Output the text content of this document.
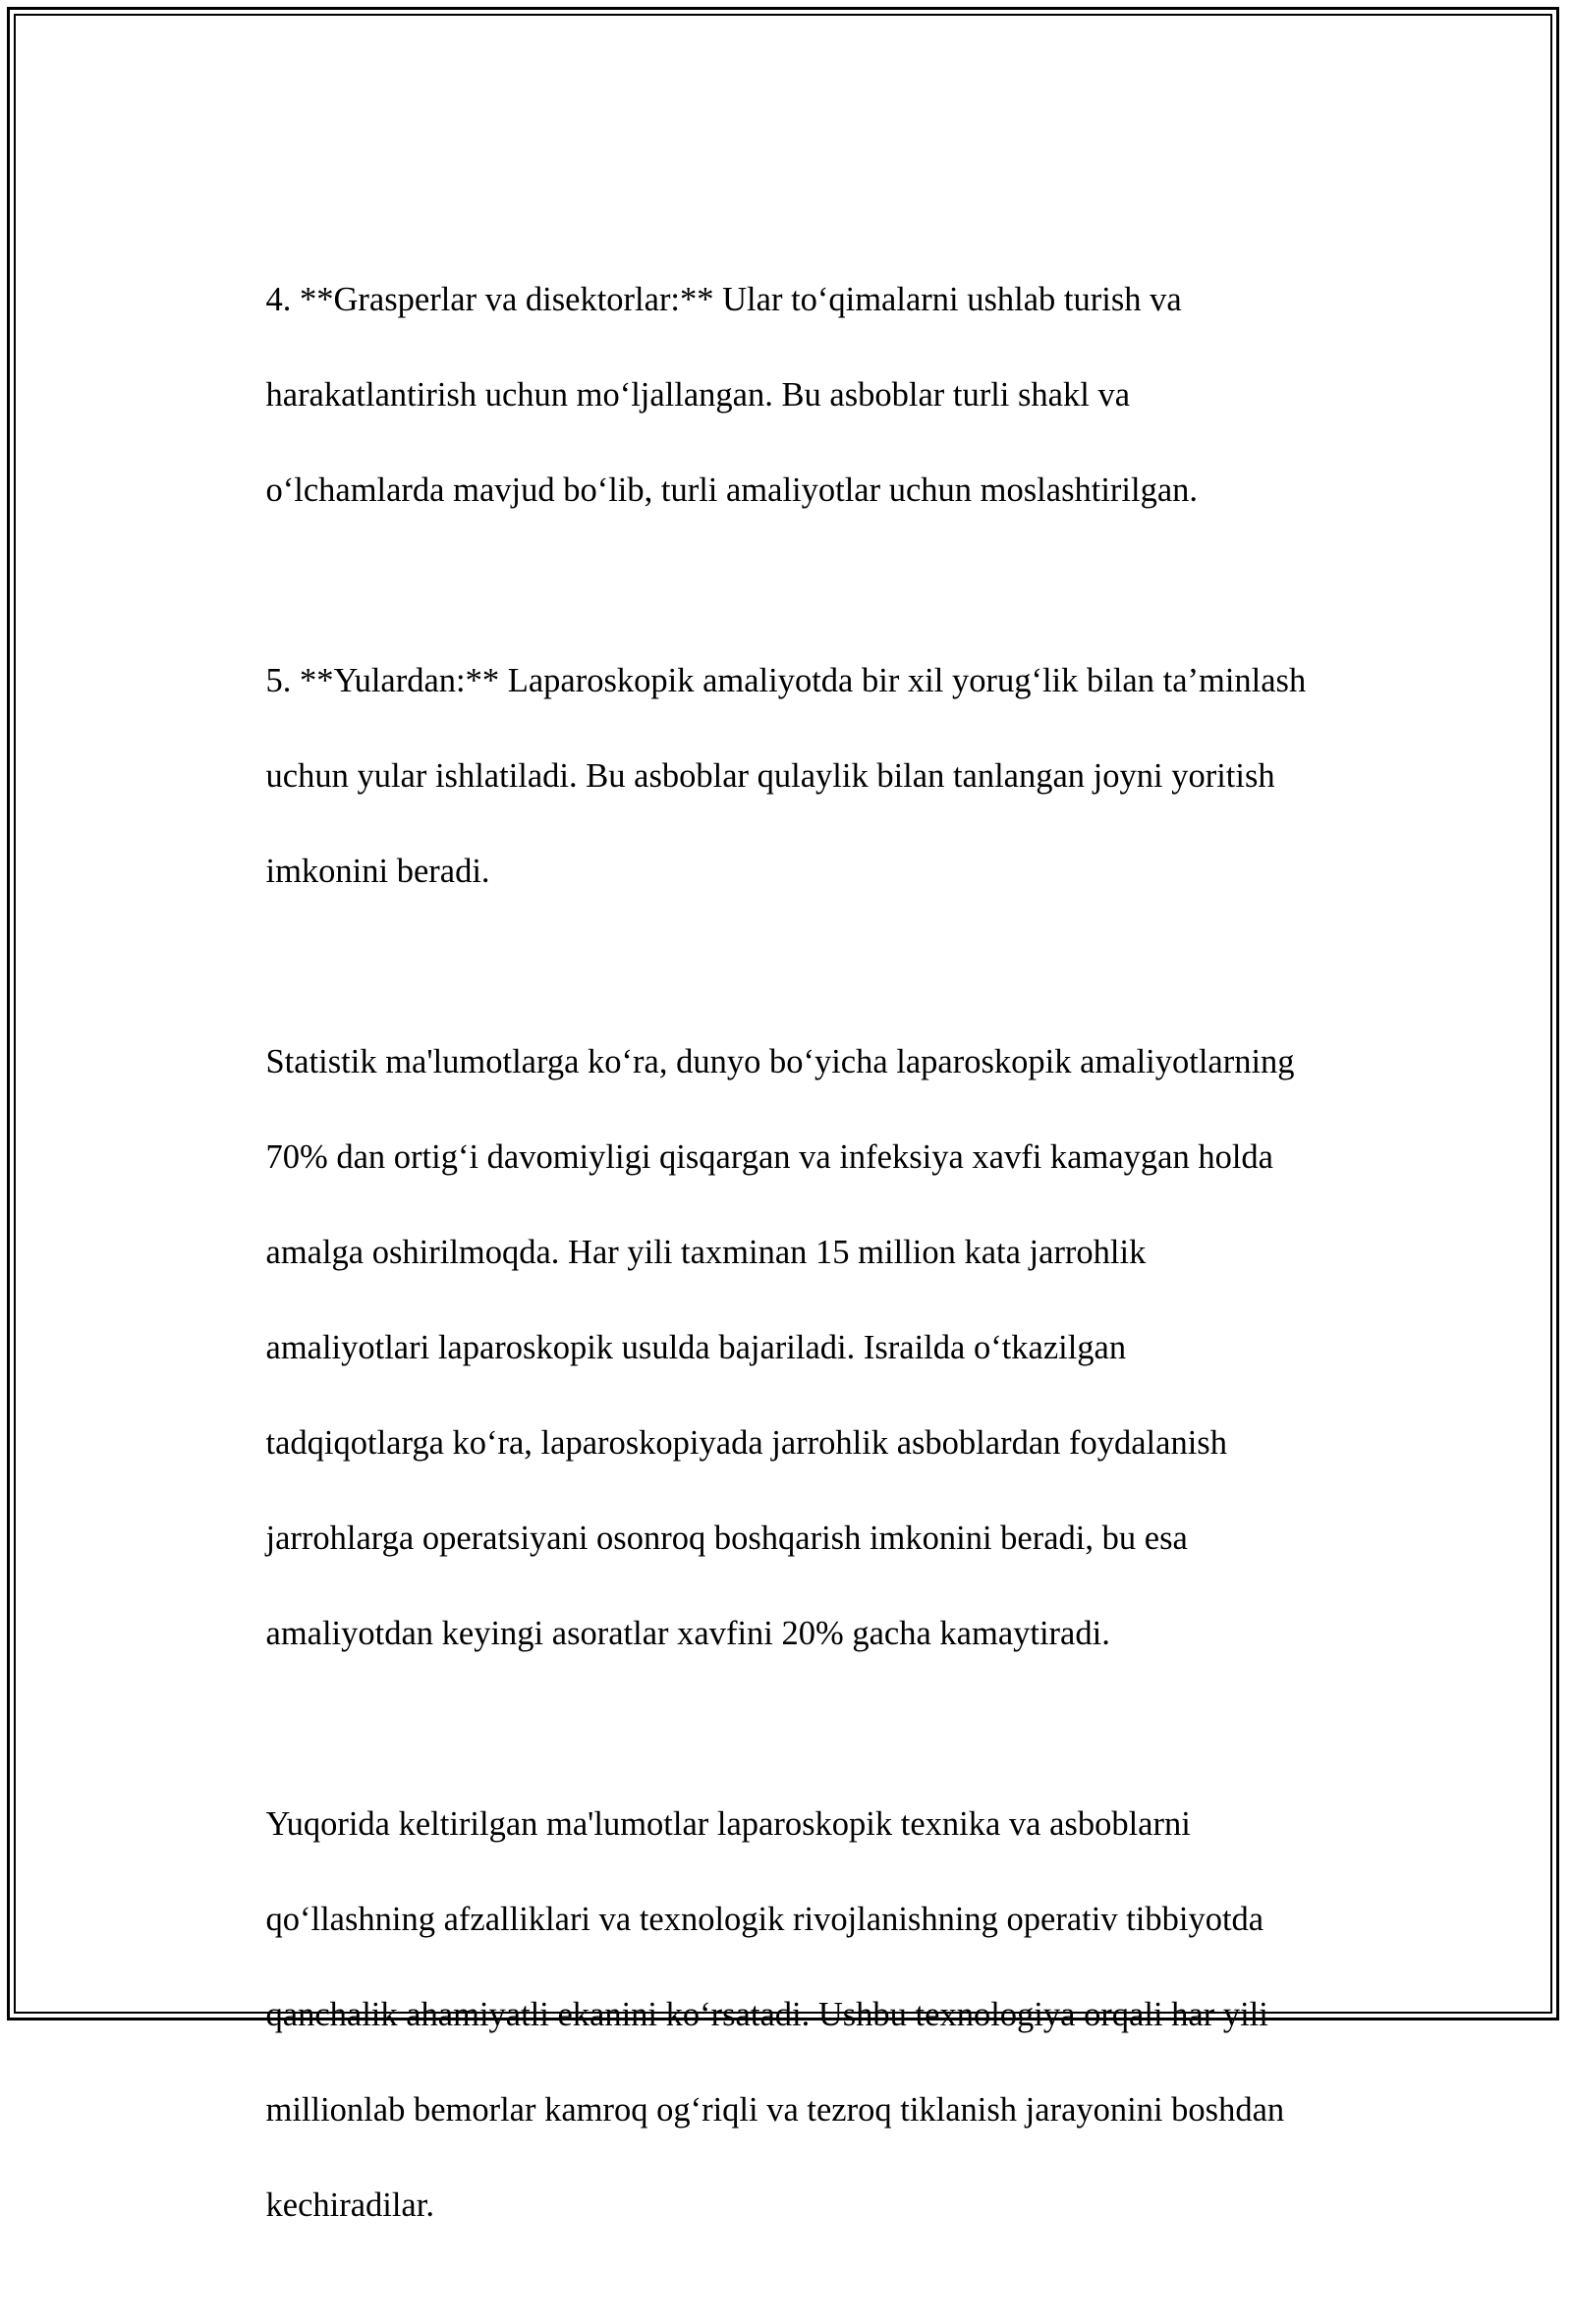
4. **Grasperlar va disektorlar:** Ular to‘qimalarni ushlab turish va

harakatlantirish uchun mo‘ljallangan. Bu asboblar turli shakl va

o‘lchamlarda mavjud bo‘lib, turli amaliyotlar uchun moslashtirilgan.

5. **Yulardan:** Laparoskopik amaliyotda bir xil yorug‘lik bilan ta’minlash

uchun yular ishlatiladi. Bu asboblar qulaylik bilan tanlangan joyni yoritish

imkonini beradi.

Statistik ma'lumotlarga ko‘ra, dunyo bo‘yicha laparoskopik amaliyotlarning

70% dan ortig‘i davomiyligi qisqargan va infeksiya xavfi kamaygan holda

amalga oshirilmoqda. Har yili taxminan 15 million kata jarrohlik

amaliyotlari laparoskopik usulda bajariladi. Israilda o‘tkazilgan

tadqiqotlarga ko‘ra, laparoskopiyada jarrohlik asboblardan foydalanish

jarrohlarga operatsiyani osonroq boshqarish imkonini beradi, bu esa

amaliyotdan keyingi asoratlar xavfini 20% gacha kamaytiradi.

Yuqorida keltirilgan ma'lumotlar laparoskopik texnika va asboblarni

qo‘llashning afzalliklari va texnologik rivojlanishning operativ tibbiyotda

qanchalik ahamiyatli ekanini ko‘rsatadi. Ushbu texnologiya orqali har yili

millionlab bemorlar kamroq og‘riqli va tezroq tiklanish jarayonini boshdan

kechiradilar.
